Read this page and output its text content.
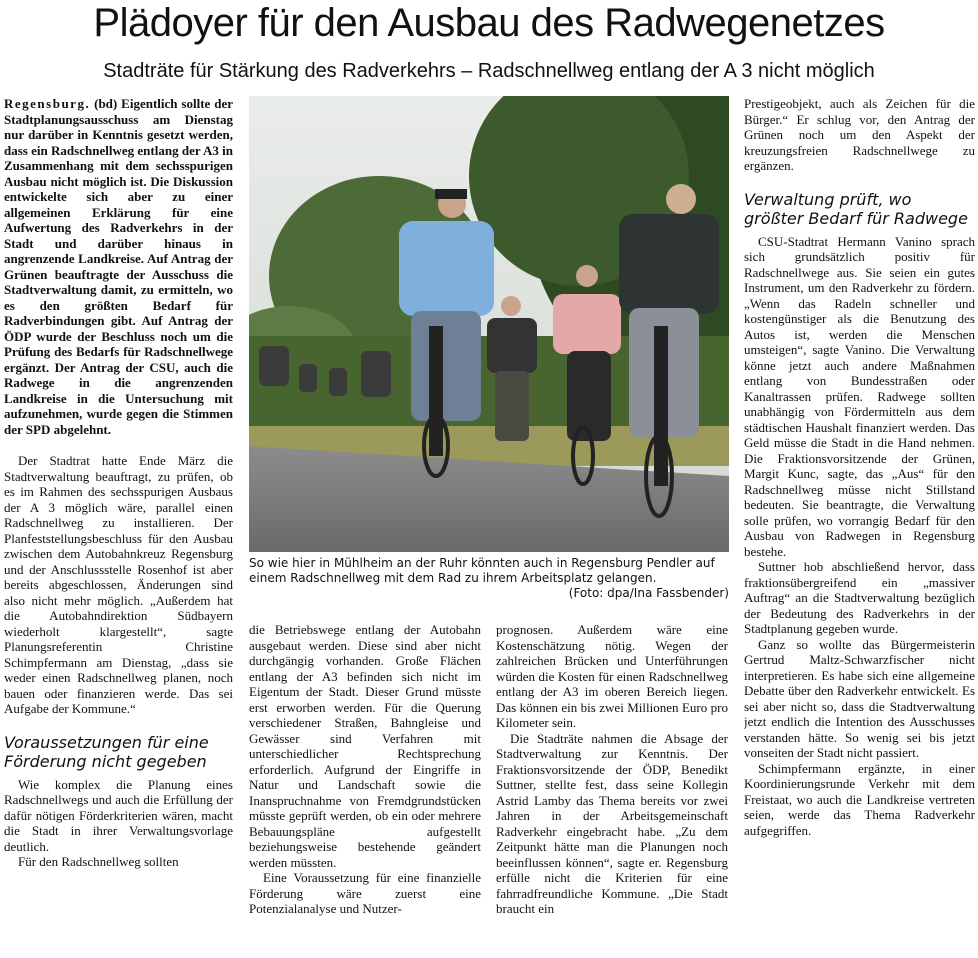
Plädoyer für den Ausbau des Radwegenetzes
Stadträte für Stärkung des Radverkehrs – Radschnellweg entlang der A 3 nicht möglich

Regensburg. (bd) Eigentlich sollte der Stadtplanungsausschuss am Dienstag nur darüber in Kenntnis gesetzt werden, dass ein Radschnellweg entlang der A3 in Zusammenhang mit dem sechsspurigen Ausbau nicht möglich ist. Die Diskussion entwickelte sich aber zu einer allgemeinen Erklärung für eine Aufwertung des Radverkehrs in der Stadt und darüber hinaus in angrenzende Landkreise. Auf Antrag der Grünen beauftragte der Ausschuss die Stadtverwaltung damit, zu ermitteln, wo es den größten Bedarf für Radverbindungen gibt. Auf Antrag der ÖDP wurde der Beschluss noch um die Prüfung des Bedarfs für Radschnellwege ergänzt. Der Antrag der CSU, auch die Radwege in die angrenzenden Landkreise in die Untersuchung mit aufzunehmen, wurde gegen die Stimmen der SPD abgelehnt.

Der Stadtrat hatte Ende März die Stadtverwaltung beauftragt, zu prüfen, ob es im Rahmen des sechsspurigen Ausbaus der A 3 möglich wäre, parallel einen Radschnellweg zu installieren. Der Planfeststellungsbeschluss für den Ausbau zwischen dem Autobahnkreuz Regensburg und der Anschlussstelle Rosenhof ist aber bereits abgeschlossen, Änderungen sind also nicht mehr möglich. „Außerdem hat die Autobahndirektion Südbayern wiederholt klargestellt“, sagte Planungsreferentin Christine Schimpfermann am Dienstag, „dass sie weder einen Radschnellweg planen, noch bauen oder finanzieren werde. Das sei Aufgabe der Kommune.“

Voraussetzungen für eine Förderung nicht gegeben

Wie komplex die Planung eines Radschnellwegs und auch die Erfüllung der dafür nötigen Förderkriterien wären, macht die Stadt in ihrer Verwaltungsvorlage deutlich.

Für den Radschnellweg sollten

So wie hier in Mühlheim an der Ruhr könnten auch in Regensburg Pendler auf einem Radschnellweg mit dem Rad zu ihrem Arbeitsplatz gelangen.
(Foto: dpa/Ina Fassbender)

die Betriebswege entlang der Autobahn ausgebaut werden. Diese sind aber nicht durchgängig vorhanden. Große Flächen entlang der A3 befinden sich nicht im Eigentum der Stadt. Dieser Grund müsste erst erworben werden. Für die Querung verschiedener Straßen, Bahngleise und Gewässer sind Verfahren mit unterschiedlicher Rechtsprechung erforderlich. Aufgrund der Eingriffe in Natur und Landschaft sowie die Inanspruchnahme von Fremdgrundstücken müsste geprüft werden, ob ein oder mehrere Bebauungspläne aufgestellt beziehungsweise bestehende geändert werden müssten.

Eine Voraussetzung für eine finanzielle Förderung wäre zuerst eine Potenzialanalyse und Nutzer-

prognosen. Außerdem wäre eine Kostenschätzung nötig. Wegen der zahlreichen Brücken und Unterführungen würden die Kosten für einen Radschnellweg entlang der A3 im oberen Bereich liegen. Das können ein bis zwei Millionen Euro pro Kilometer sein.

Die Stadträte nahmen die Absage der Stadtverwaltung zur Kenntnis. Der Fraktionsvorsitzende der ÖDP, Benedikt Suttner, stellte fest, dass seine Kollegin Astrid Lamby das Thema bereits vor zwei Jahren in der Arbeitsgemeinschaft Radverkehr eingebracht habe. „Zu dem Zeitpunkt hätte man die Planungen noch beeinflussen können“, sagte er. Regensburg erfülle nicht die Kriterien für eine fahrradfreundliche Kommune. „Die Stadt braucht ein

Prestigeobjekt, auch als Zeichen für die Bürger.“ Er schlug vor, den Antrag der Grünen noch um den Aspekt der kreuzungsfreien Radschnellwege zu ergänzen.

Verwaltung prüft, wo größter Bedarf für Radwege

CSU-Stadtrat Hermann Vanino sprach sich grundsätzlich positiv für Radschnellwege aus. Sie seien ein gutes Instrument, um den Radverkehr zu fördern. „Wenn das Radeln schneller und kostengünstiger als die Benutzung des Autos ist, werden die Menschen umsteigen“, sagte Vanino. Die Verwaltung könne jetzt auch andere Maßnahmen entlang von Bundesstraßen oder Kanaltrassen prüfen. Radwege sollten unabhängig von Fördermitteln aus dem städtischen Haushalt finanziert werden. Das Geld müsse die Stadt in die Hand nehmen. Die Fraktionsvorsitzende der Grünen, Margit Kunc, sagte, das „Aus“ für den Radschnellweg müsse nicht Stillstand bedeuten. Sie beantragte, die Verwaltung solle prüfen, wo vorrangig Bedarf für den Ausbau von Radwegen in Regensburg bestehe.

Suttner hob abschließend hervor, dass fraktionsübergreifend ein „massiver Auftrag“ an die Stadtverwaltung bezüglich der Bedeutung des Radverkehrs in der Stadtplanung gegeben wurde.

Ganz so wollte das Bürgermeisterin Gertrud Maltz-Schwarzfischer nicht interpretieren. Es habe sich eine allgemeine Debatte über den Radverkehr entwickelt. Es sei aber nicht so, dass die Stadtverwaltung jetzt endlich die Intention des Ausschusses verstanden hätte. So wenig sei bis jetzt vonseiten der Stadt nicht passiert.

Schimpfermann ergänzte, in einer Koordinierungsrunde Verkehr mit dem Freistaat, wo auch die Landkreise vertreten seien, werde das Thema Radverkehr aufgegriffen.
